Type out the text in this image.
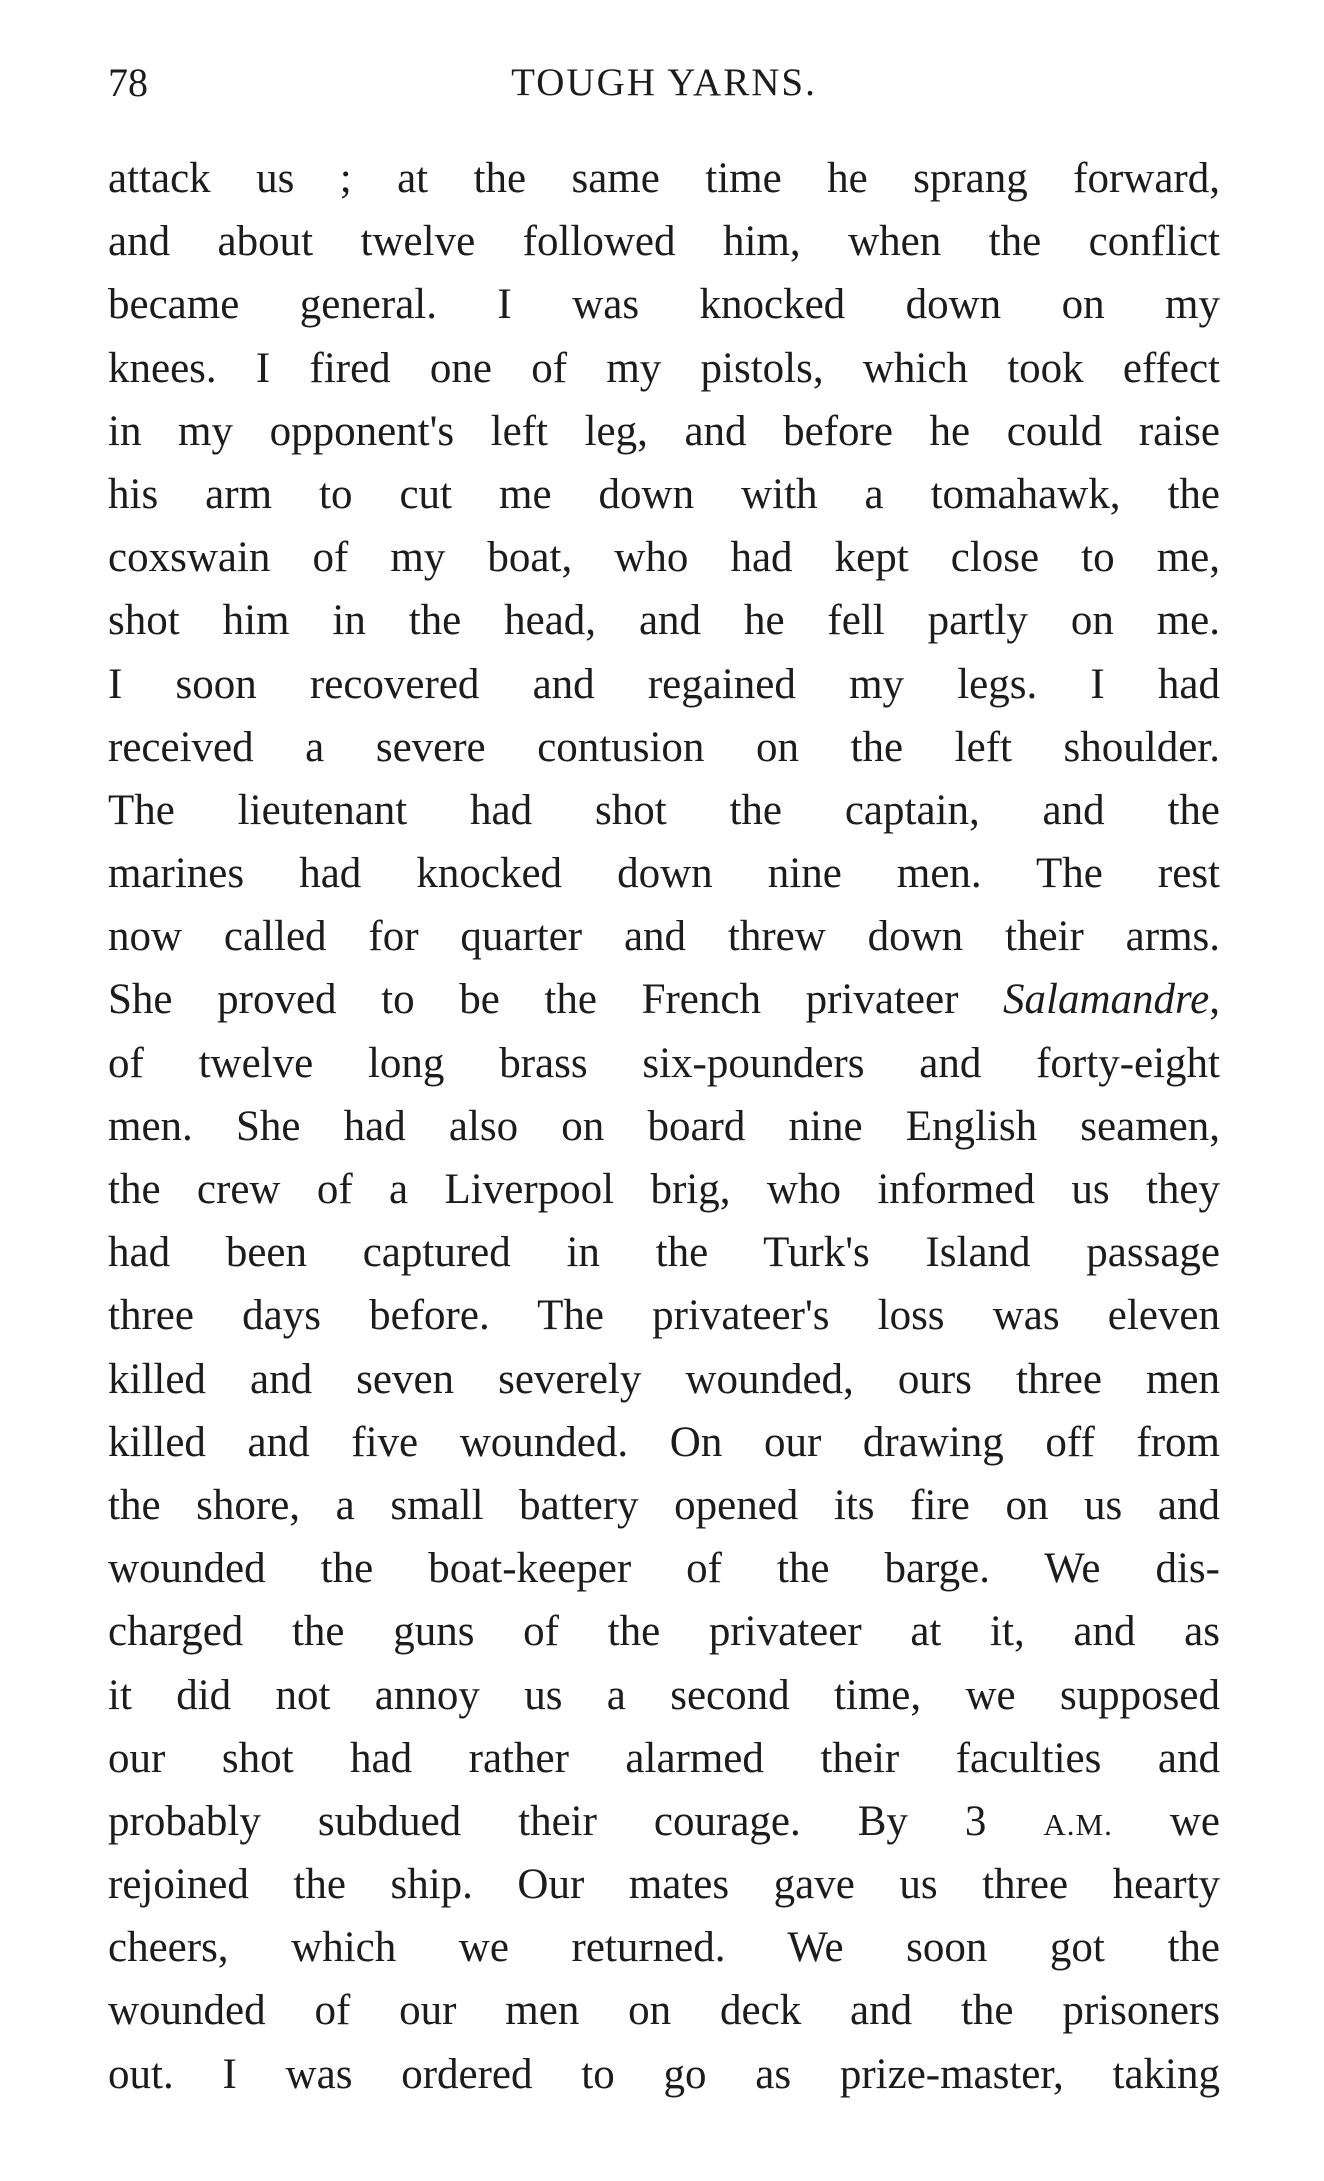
78	TOUGH YARNS.
attack us ; at the same time he sprang forward,
and about twelve followed him, when the conflict
became general. I was knocked down on my
knees. I fired one of my pistols, which took effect
in my opponent's left leg, and before he could raise
his arm to cut me down with a tomahawk, the
coxswain of my boat, who had kept close to me,
shot him in the head, and he fell partly on me.
I soon recovered and regained my legs. I had
received a severe contusion on the left shoulder.
The lieutenant had shot the captain, and the
marines had knocked down nine men. The rest
now called for quarter and threw down their arms.
She proved to be the French privateer Salamandre,
of twelve long brass six-pounders and forty-eight
men. She had also on board nine English seamen,
the crew of a Liverpool brig, who informed us they
had been captured in the Turk's Island passage
three days before. The privateer's loss was eleven
killed and seven severely wounded, ours three men
killed and five wounded. On our drawing off from
the shore, a small battery opened its fire on us and
wounded the boat-keeper of the barge. We dis-
charged the guns of the privateer at it, and as
it did not annoy us a second time, we supposed
our shot had rather alarmed their faculties and
probably subdued their courage. By 3 A.M. we
rejoined the ship. Our mates gave us three hearty
cheers, which we returned. We soon got the
wounded of our men on deck and the prisoners
out. I was ordered to go as prize-master, taking
